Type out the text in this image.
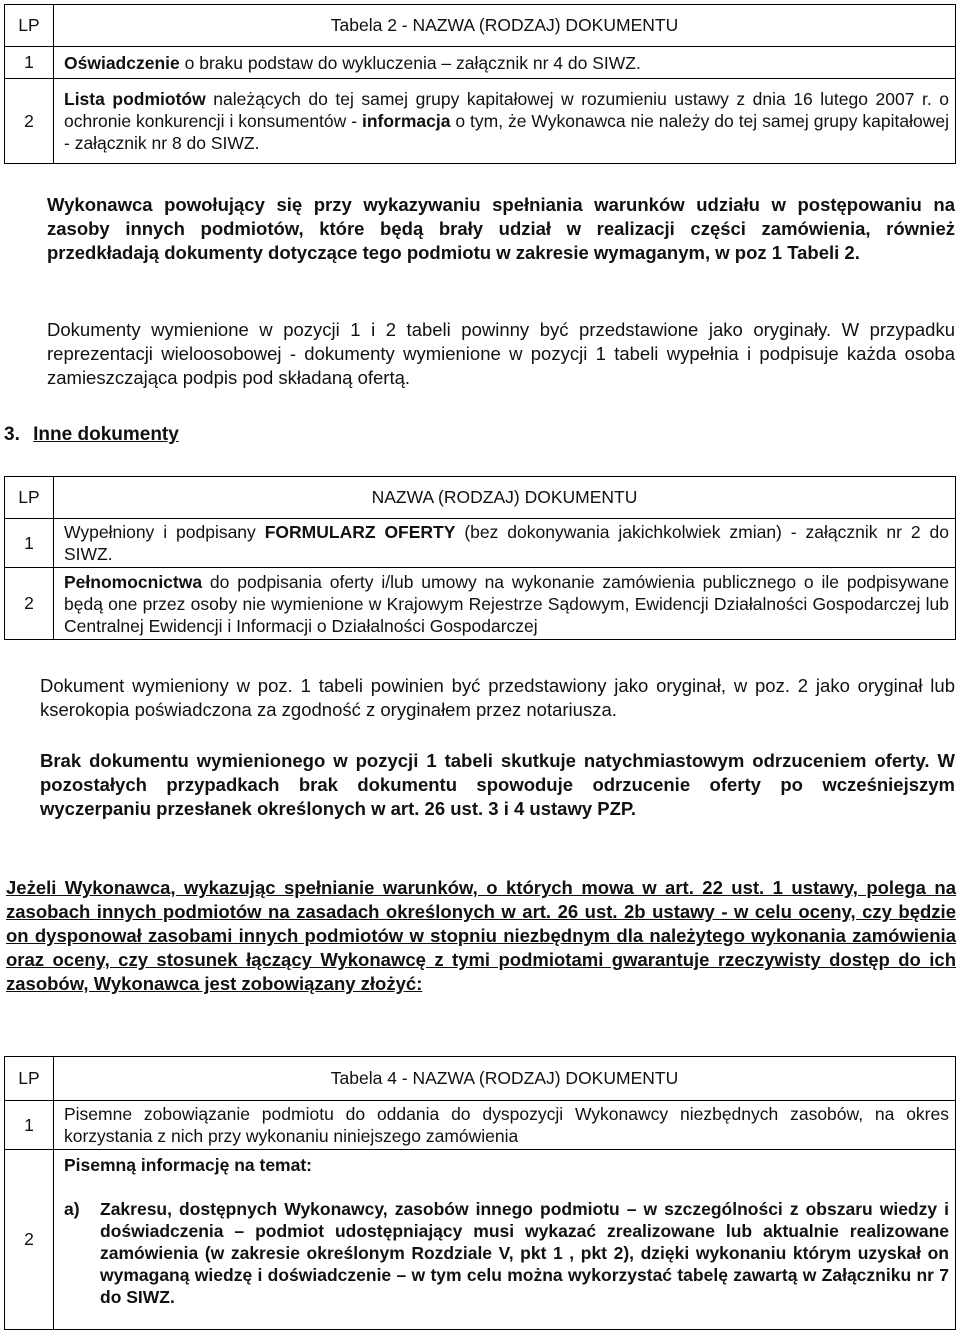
LP	Tabela 2 - NAZWA (RODZAJ) DOKUMENTU
1	Oświadczenie o braku podstaw do wykluczenia – załącznik nr 4 do SIWZ.
2	Lista podmiotów należących do tej samej grupy kapitałowej w rozumieniu ustawy z dnia 16 lutego 2007 r. o ochronie konkurencji i konsumentów - informacja o tym, że Wykonawca nie należy do tej samej grupy kapitałowej - załącznik nr 8 do SIWZ.
Wykonawca powołujący się przy wykazywaniu spełniania warunków udziału w postępowaniu na zasoby innych podmiotów, które będą brały udział w realizacji części zamówienia, również przedkładają dokumenty dotyczące tego podmiotu w zakresie wymaganym, w poz 1 Tabeli 2.
Dokumenty wymienione w pozycji 1 i 2 tabeli powinny być przedstawione jako oryginały. W przypadku reprezentacji wieloosobowej - dokumenty wymienione w pozycji 1 tabeli wypełnia i podpisuje każda osoba zamieszczająca podpis pod składaną ofertą.
3. Inne dokumenty
LP	NAZWA (RODZAJ) DOKUMENTU
1	Wypełniony i podpisany FORMULARZ OFERTY (bez dokonywania jakichkolwiek zmian) - załącznik nr 2 do SIWZ.
2	Pełnomocnictwa do podpisania oferty i/lub umowy na wykonanie zamówienia publicznego o ile podpisywane będą one przez osoby nie wymienione w Krajowym Rejestrze Sądowym, Ewidencji Działalności Gospodarczej lub Centralnej Ewidencji i Informacji o Działalności Gospodarczej
Dokument wymieniony w poz. 1 tabeli powinien być przedstawiony jako oryginał, w poz. 2 jako oryginał lub kserokopia poświadczona za zgodność z oryginałem przez notariusza.
Brak dokumentu wymienionego w pozycji 1 tabeli skutkuje natychmiastowym odrzuceniem oferty. W pozostałych przypadkach brak dokumentu spowoduje odrzucenie oferty po wcześniejszym wyczerpaniu przesłanek określonych w art. 26 ust. 3 i 4 ustawy PZP.
Jeżeli Wykonawca, wykazując spełnianie warunków, o których mowa w art. 22 ust. 1 ustawy, polega na zasobach innych podmiotów na zasadach określonych w art. 26 ust. 2b ustawy - w celu oceny, czy będzie on dysponował zasobami innych podmiotów w stopniu niezbędnym dla należytego wykonania zamówienia oraz oceny, czy stosunek łączący Wykonawcę z tymi podmiotami gwarantuje rzeczywisty dostęp do ich zasobów, Wykonawca jest zobowiązany złożyć:
LP	Tabela 4 - NAZWA (RODZAJ) DOKUMENTU
1	Pisemne zobowiązanie podmiotu do oddania do dyspozycji Wykonawcy niezbędnych zasobów, na okres korzystania z nich przy wykonaniu niniejszego zamówienia
2	Pisemną informację na temat:
a) Zakresu, dostępnych Wykonawcy, zasobów innego podmiotu – w szczególności z obszaru wiedzy i doświadczenia – podmiot udostępniający musi wykazać zrealizowane lub aktualnie realizowane zamówienia (w zakresie określonym Rozdziale V, pkt 1 , pkt 2), dzięki wykonaniu którym uzyskał on wymaganą wiedzę i doświadczenie – w tym celu można wykorzystać tabelę zawartą w Załączniku nr 7 do SIWZ.
